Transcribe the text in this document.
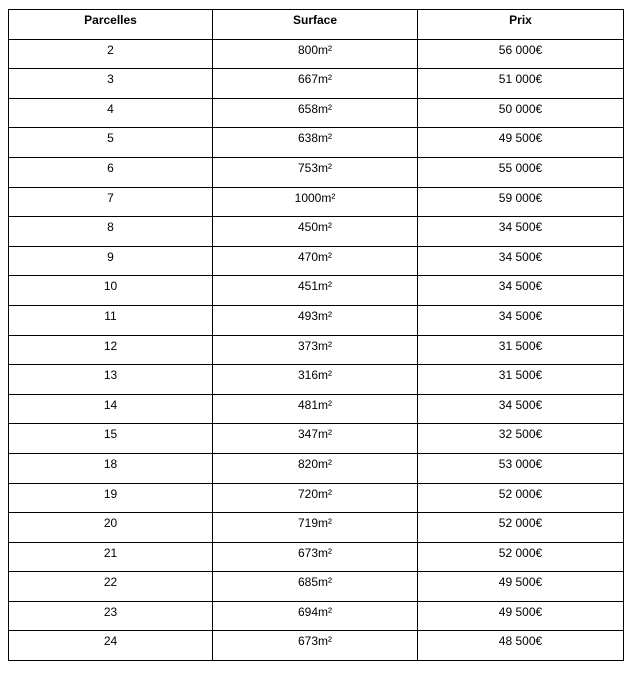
Parcelles	Surface	Prix
2	800m²	56 000€
3	667m²	51 000€
4	658m²	50 000€
5	638m²	49 500€
6	753m²	55 000€
7	1000m²	59 000€
8	450m²	34 500€
9	470m²	34 500€
10	451m²	34 500€
11	493m²	34 500€
12	373m²	31 500€
13	316m²	31 500€
14	481m²	34 500€
15	347m²	32 500€
18	820m²	53 000€
19	720m²	52 000€
20	719m²	52 000€
21	673m²	52 000€
22	685m²	49 500€
23	694m²	49 500€
24	673m²	48 500€
